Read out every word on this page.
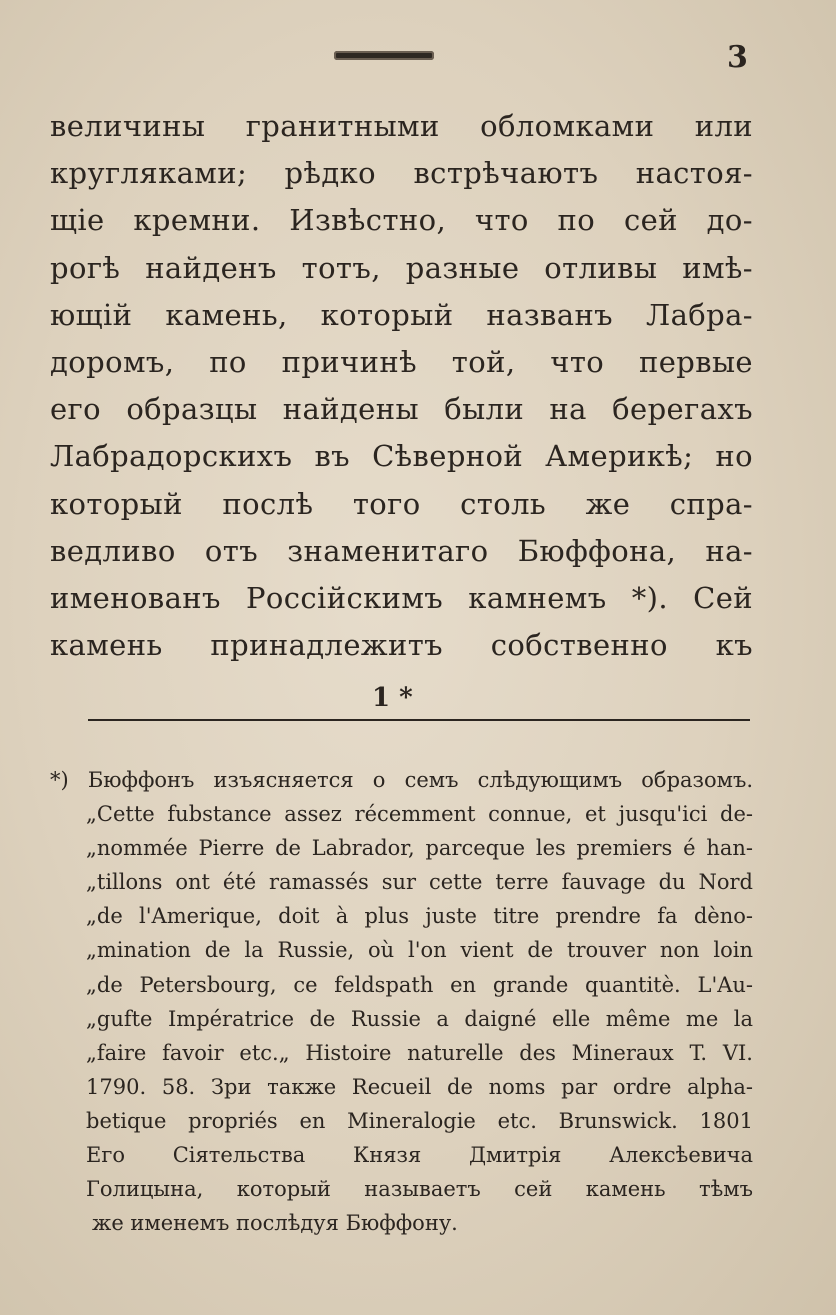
3
величины гранитными обломками или
кругляками; рѣдко встрѣчаютъ настоя-
щіе кремни. Извѣстно, что по сей до-
рогѣ найденъ тотъ, разные отливы имѣ-
ющій камень, который названъ Лабра-
доромъ, по причинѣ той, что первые
его образцы найдены были на берегахъ
Лабрадорскихъ въ Сѣверной Америкѣ; но
который послѣ того столь же спра-
ведливо отъ знаменитаго Бюффона, на-
именованъ Россійскимъ камнемъ *). Сей
камень принадлежитъ собственно къ
1 *
*) Бюффонъ изъясняется о семъ слѣдующимъ образомъ.
„Cette fubstance assez récemment connue, et jusqu'ici de-
„nommée Pierre de Labrador, parceque les premiers é han-
„tillons ont été ramassés sur cette terre fauvage du Nord
„de l'Amerique, doit à plus juste titre prendre fa dèno-
„mination de la Russie, où l'on vient de trouver non loin
„de Petersbourg, ce feldspath en grande quantitè. L'Au-
„gufte Impératrice de Russie a daigné elle même me la
„faire favoir etc.„ Histoire naturelle des Mineraux T. VI.
1790. 58. Зри также Recueil de noms par ordre alpha-
betique propriés en Mineralogie etc. Brunswick. 1801
Его Сіятельства Князя Дмитрія Алексѣевича
Голицына, который называетъ сей камень тѣмъ
же именемъ послѣдуя Бюффону.
